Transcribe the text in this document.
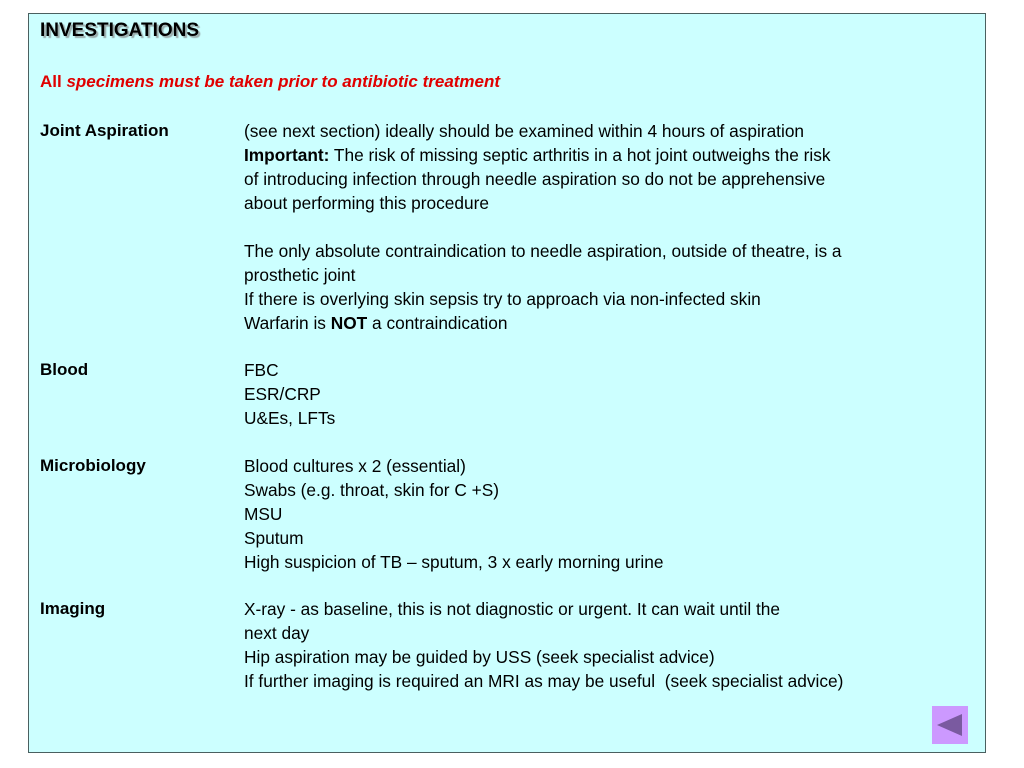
INVESTIGATIONS
All specimens must be taken prior to antibiotic treatment
Joint Aspiration	(see next section) ideally should be examined within 4 hours of aspiration
Important: The risk of missing septic arthritis in a hot joint outweighs the risk
of introducing infection through needle aspiration so do not be apprehensive
about performing this procedure
The only absolute contraindication to needle aspiration, outside of theatre, is a
prosthetic joint
If there is overlying skin sepsis try to approach via non-infected skin
Warfarin is NOT a contraindication
Blood	FBC
ESR/CRP
U&Es, LFTs
Microbiology	Blood cultures x 2 (essential)
Swabs (e.g. throat, skin for C +S)
MSU
Sputum
High suspicion of TB – sputum, 3 x early morning urine
Imaging	X-ray - as baseline, this is not diagnostic or urgent. It can wait until the
next day
Hip aspiration may be guided by USS (seek specialist advice)
If further imaging is required an MRI as may be useful  (seek specialist advice)
